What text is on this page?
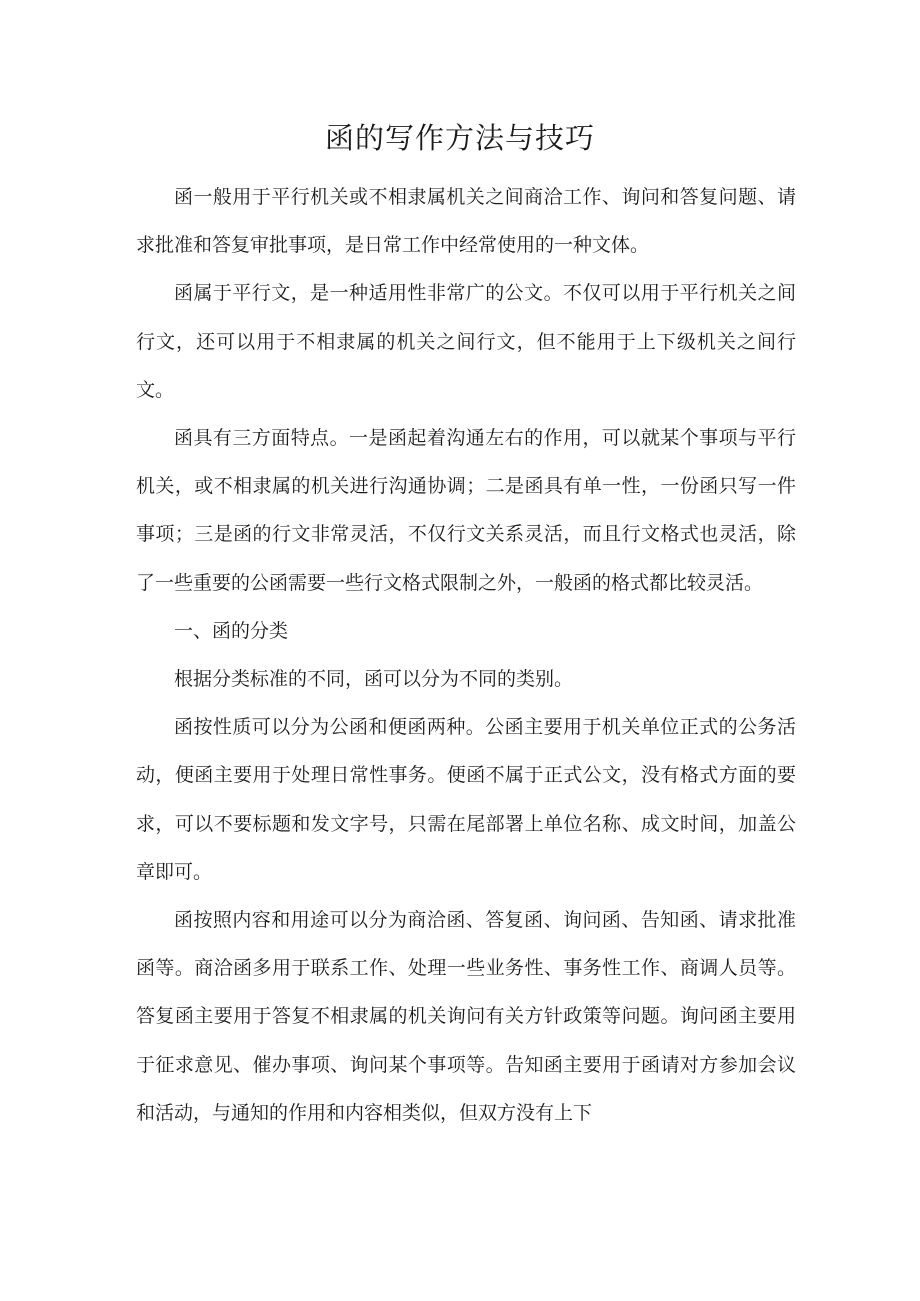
函的写作方法与技巧

函一般用于平行机关或不相隶属机关之间商洽工作、询问和答复问题、请求批准和答复审批事项，是日常工作中经常使用的一种文体。

函属于平行文，是一种适用性非常广的公文。不仅可以用于平行机关之间行文，还可以用于不相隶属的机关之间行文，但不能用于上下级机关之间行文。

函具有三方面特点。一是函起着沟通左右的作用，可以就某个事项与平行机关，或不相隶属的机关进行沟通协调；二是函具有单一性，一份函只写一件事项；三是函的行文非常灵活，不仅行文关系灵活，而且行文格式也灵活，除了一些重要的公函需要一些行文格式限制之外，一般函的格式都比较灵活。

一、函的分类

根据分类标准的不同，函可以分为不同的类别。

函按性质可以分为公函和便函两种。公函主要用于机关单位正式的公务活动，便函主要用于处理日常性事务。便函不属于正式公文，没有格式方面的要求，可以不要标题和发文字号，只需在尾部署上单位名称、成文时间，加盖公章即可。

函按照内容和用途可以分为商洽函、答复函、询问函、告知函、请求批准函等。商洽函多用于联系工作、处理一些业务性、事务性工作、商调人员等。答复函主要用于答复不相隶属的机关询问有关方针政策等问题。询问函主要用于征求意见、催办事项、询问某个事项等。告知函主要用于函请对方参加会议和活动，与通知的作用和内容相类似，但双方没有上下
